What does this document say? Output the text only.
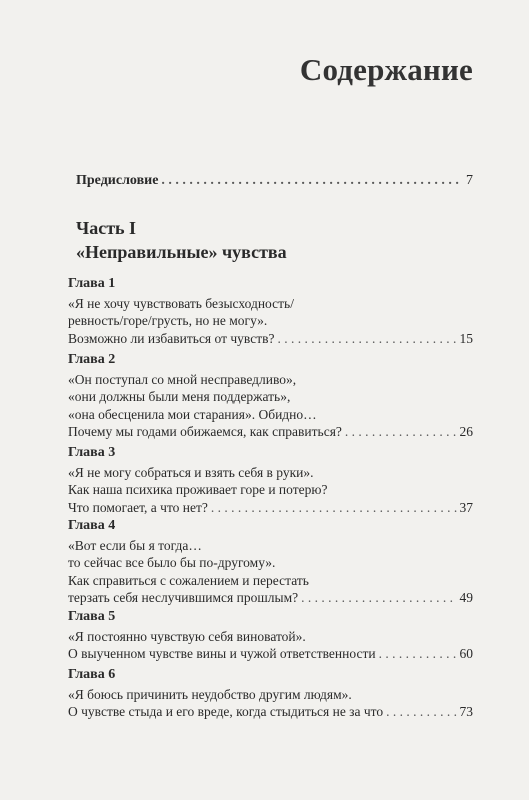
Содержание
Предисловие . . .	7
Часть I
«Неправильные» чувства
Глава 1
«Я не хочу чувствовать безысходность/
ревность/горе/грусть, но не могу».
Возможно ли избавиться от чувств? . . .	15
Глава 2
«Он поступал со мной несправедливо»,
«они должны были меня поддержать»,
«она обесценила мои старания». Обидно…
Почему мы годами обижаемся, как справиться? . . .	26
Глава 3
«Я не могу собраться и взять себя в руки».
Как наша психика проживает горе и потерю?
Что помогает, а что нет? . . .	37
Глава 4
«Вот если бы я тогда…
то сейчас все было бы по-другому».
Как справиться с сожалением и перестать
терзать себя неслучившимся прошлым? . . .	49
Глава 5
«Я постоянно чувствую себя виноватой».
О выученном чувстве вины и чужой ответственности . . .	60
Глава 6
«Я боюсь причинить неудобство другим людям».
О чувстве стыда и его вреде, когда стыдиться не за что . . .	73
